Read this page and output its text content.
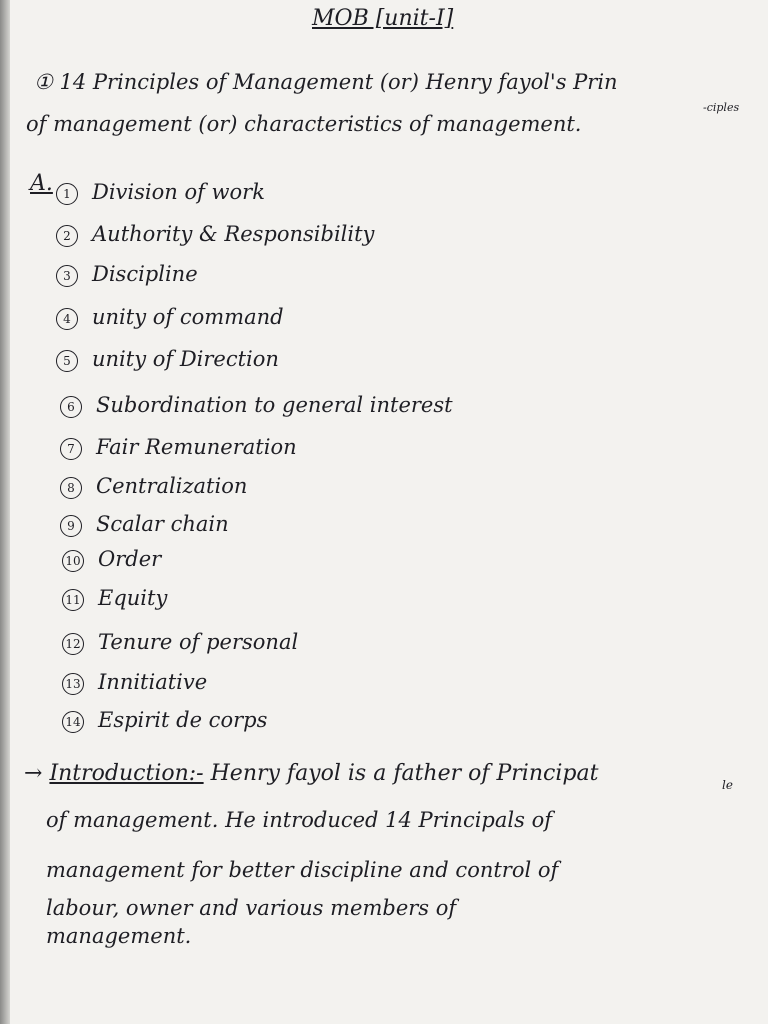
MOB [unit-I]
① 14 Principles of Management (or) Henry fayol's Prin
-ciples
of management (or) characteristics of management.
A. 1 Division of work
2 Authority & Responsibility
3 Discipline
4 unity of command
5 unity of Direction
6 Subordination to general interest
7 Fair Remuneration
8 Centralization
9 Scalar chain
10 Order
11 Equity
12 Tenure of personal
13 Innitiative
14 Espirit de corps
→ Introduction:- Henry fayol is a father of Principat	le
of management. He introduced 14 Principals of
management for better discipline and control of
labour, owner and various members of
management.
